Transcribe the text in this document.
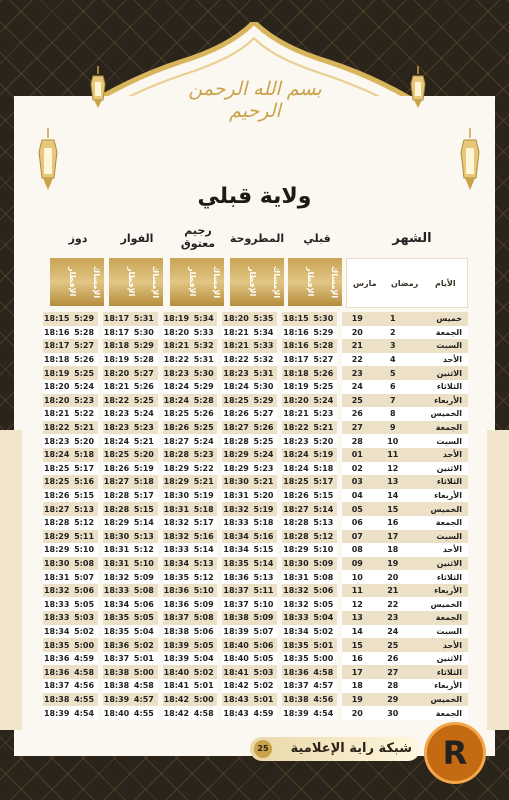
بسم الله الرحمن الرحيم
ولاية قبلي
الشهر
قبلي
المطروحة
رجيم معتوق
الفوار
دوز
الإمساك
الإفطار
الإمساك
الإفطار
الإمساك
الإفطار
الإمساك
الإفطار
الإمساك
الإفطار	الأيام
رمضان
مارس
18:15	5:29		18:17	5:31		18:19	5:34		18:20	5:35		18:15	5:30		19	1	خميس
18:16	5:28		18:17	5:30		18:20	5:33		18:21	5:34		18:16	5:29		20	2	الجمعة
18:17	5:27		18:18	5:29		18:21	5:32		18:21	5:33		18:16	5:28		21	3	السبت
18:18	5:26		18:19	5:28		18:22	5:31		18:22	5:32		18:17	5:27		22	4	الأحد
18:19	5:25		18:20	5:27		18:23	5:30		18:23	5:31		18:18	5:26		23	5	الاثنين
18:20	5:24		18:21	5:26		18:24	5:29		18:24	5:30		18:19	5:25		24	6	الثلاثاء
18:20	5:23		18:22	5:25		18:24	5:28		18:25	5:29		18:20	5:24		25	7	الأربعاء
18:21	5:22		18:23	5:24		18:25	5:26		18:26	5:27		18:21	5:23		26	8	الخميس
18:22	5:21		18:23	5:23		18:26	5:25		18:27	5:26		18:22	5:21		27	9	الجمعة
18:23	5:20		18:24	5:21		18:27	5:24		18:28	5:25		18:23	5:20		28	10	السبت
18:24	5:18		18:25	5:20		18:28	5:23		18:29	5:24		18:24	5:19		01	11	الأحد
18:25	5:17		18:26	5:19		18:29	5:22		18:29	5:23		18:24	5:18		02	12	الاثنين
18:25	5:16		18:27	5:18		18:29	5:21		18:30	5:21		18:25	5:17		03	13	الثلاثاء
18:26	5:15		18:28	5:17		18:30	5:19		18:31	5:20		18:26	5:15		04	14	الأربعاء
18:27	5:13		18:28	5:15		18:31	5:18		18:32	5:19		18:27	5:14		05	15	الخميس
18:28	5:12		18:29	5:14		18:32	5:17		18:33	5:18		18:28	5:13		06	16	الجمعة
18:29	5:11		18:30	5:13		18:32	5:16		18:34	5:16		18:28	5:12		07	17	السبت
18:29	5:10		18:31	5:12		18:33	5:14		18:34	5:15		18:29	5:10		08	18	الأحد
18:30	5:08		18:31	5:10		18:34	5:13		18:35	5:14		18:30	5:09		09	19	الاثنين
18:31	5:07		18:32	5:09		18:35	5:12		18:36	5:13		18:31	5:08		10	20	الثلاثاء
18:32	5:06		18:33	5:08		18:36	5:10		18:37	5:11		18:32	5:06		11	21	الأربعاء
18:33	5:05		18:34	5:06		18:36	5:09		18:37	5:10		18:32	5:05		12	22	الخميس
18:33	5:03		18:35	5:05		18:37	5:08		18:38	5:09		18:33	5:04		13	23	الجمعة
18:34	5:02		18:35	5:04		18:38	5:06		18:39	5:07		18:34	5:02		14	24	السبت
18:35	5:00		18:36	5:02		18:39	5:05		18:40	5:06		18:35	5:01		15	25	الأحد
18:36	4:59		18:37	5:01		18:39	5:04		18:40	5:05		18:35	5:00		16	26	الاثنين
18:36	4:58		18:38	5:00		18:40	5:02		18:41	5:03		18:36	4:58		17	27	الثلاثاء
18:37	4:56		18:38	4:58		18:41	5:01		18:42	5:02		18:37	4:57		18	28	الأربعاء
18:38	4:55		18:39	4:57		18:42	5:00		18:43	5:01		18:38	4:56		19	29	الخميس
18:39	4:54		18:40	4:55		18:42	4:58		18:43	4:59		18:39	4:54		20	30	الجمعة
شبكة راية الإعلامية
25	R
